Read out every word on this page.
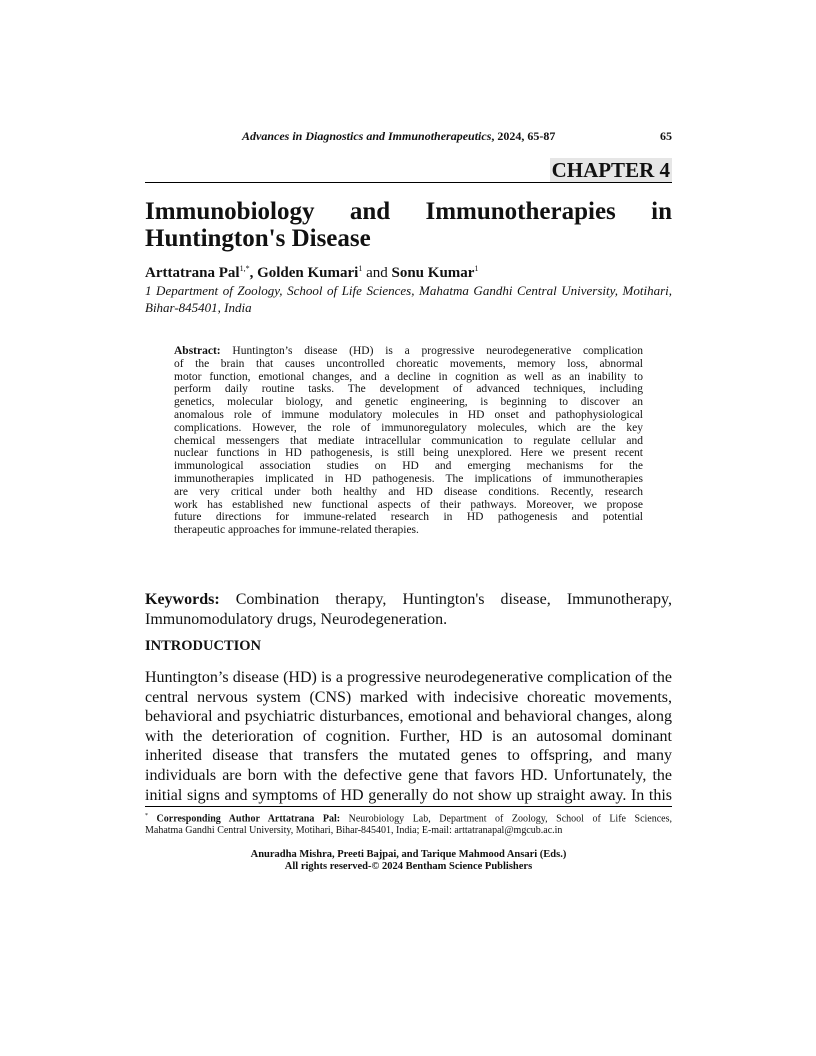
Advances in Diagnostics and Immunotherapeutics, 2024, 65-87	65
CHAPTER 4
Immunobiology and Immunotherapies in
Huntington's Disease
Arttatrana Pal$^{1,*}$, Golden Kumari$^1$ and Sonu Kumar$^1$
1 Department of Zoology, School of Life Sciences, Mahatma Gandhi Central University, Motihari,
Bihar-845401, India
Abstract: Huntington’s disease (HD) is a progressive neurodegenerative complication
of the brain that causes uncontrolled choreatic movements, memory loss, abnormal
motor function, emotional changes, and a decline in cognition as well as an inability to
perform daily routine tasks. The development of advanced techniques, including
genetics, molecular biology, and genetic engineering, is beginning to discover an
anomalous role of immune modulatory molecules in HD onset and pathophysiological
complications. However, the role of immunoregulatory molecules, which are the key
chemical messengers that mediate intracellular communication to regulate cellular and
nuclear functions in HD pathogenesis, is still being unexplored. Here we present recent
immunological association studies on HD and emerging mechanisms for the
immunotherapies implicated in HD pathogenesis. The implications of immunotherapies
are very critical under both healthy and HD disease conditions. Recently, research
work has established new functional aspects of their pathways. Moreover, we propose
future directions for immune-related research in HD pathogenesis and potential
therapeutic approaches for immune-related therapies.
Keywords: Combination therapy, Huntington's disease, Immunotherapy,
Immunomodulatory drugs, Neurodegeneration.
INTRODUCTION
Huntington’s disease (HD) is a progressive neurodegenerative complication of the
central nervous system (CNS) marked with indecisive choreatic movements,
behavioral and psychiatric disturbances, emotional and behavioral changes, along
with the deterioration of cognition. Further, HD is an autosomal dominant
inherited disease that transfers the mutated genes to offspring, and many
individuals are born with the defective gene that favors HD. Unfortunately, the
initial signs and symptoms of HD generally do not show up straight away. In this
* Corresponding Author Arttatrana Pal: Neurobiology Lab, Department of Zoology, School of Life Sciences,
Mahatma Gandhi Central University, Motihari, Bihar-845401, India; E-mail: arttatranapal@mgcub.ac.in
Anuradha Mishra, Preeti Bajpai, and Tarique Mahmood Ansari (Eds.)
All rights reserved-© 2024 Bentham Science Publishers
